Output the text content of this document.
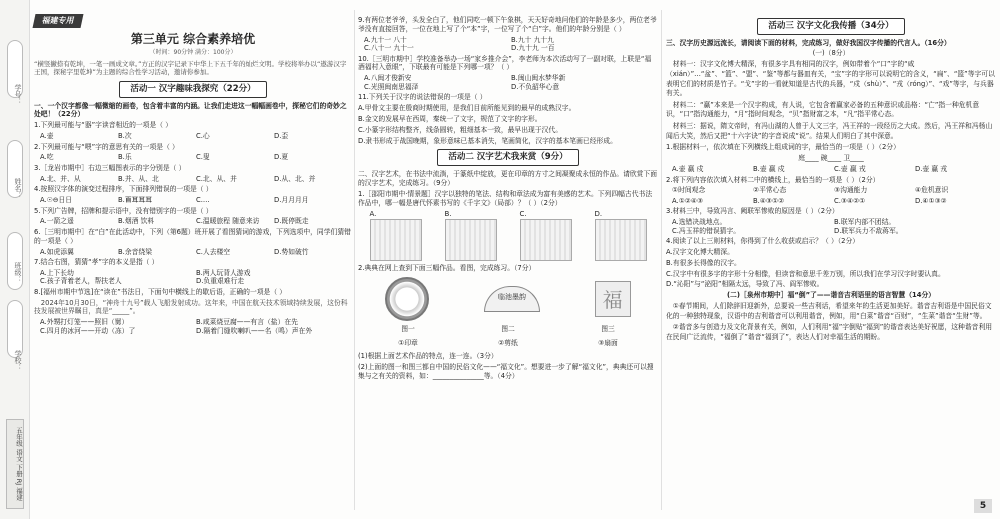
学号：
姓名：
班级：
学校：
五年级 语文 下册 RJ 福建
福建专用
第三单元 综合素养培优
（时间：90分钟 满分：100分）
“横竖撇捺有乾坤，一笔一画成文章。”方正的汉字记录下中华上下五千年的灿烂文明。学校将举办以“遨游汉字王国，探秘字里乾坤”为主题的综合性学习活动，邀请你参加。
活动一 汉字趣味我探究（22分）
一、一个汉字都像一幅微缩的画卷，包含着丰富的内涵。让我们走进这一幅幅画卷中，探秘它们的奇妙之处吧！（22分）
1.下列最可能与“器”字读音相近的一项是（ ）
A.壶	B.次	C.心	D.歪
2.下列最可能与“喂”字的意思有关的一项是（ ）
A.吃	B.乐	C.叟	D.夏
3.［龙岩市期中］右边三幅图表示的字分别是（ ）
A.北、并、从	B.并、从、北	C.北、从、并	D.从、北、并
4.按照汉字体的演变过程排序，下面排列错误的一项是（ ）
A.☉⊖日日	B.𦣻耳耳耳	C.…	D.月月月月
5.下列广告牌，招牌和提示语中，没有错别字的一项是（ ）
A.一箭之遥	B.烟酒 饮料	C.温暖旅程 随意来访	D.既停既走
6.［三明市期中］在“白”在此活动中，下列（第6题）班开展了看图猜词的游戏，下列选项中，同学们猜错的一项是（ ）
A.如虎添翼	B.余音绕梁	C.人去楼空	D.势如破竹
7.结合右图，猜猜“孝”字的本义是指（ ）
A.上下长幼	B.两人玩背人游戏
C.孩子背着老人，帮扶老人	D.负重艰难行走
8.[福州市期中节选]在“读在”书法日，下面句中横线上的歇后语，正确的一项是（ ）
2024年10月30日，“神舟十九号”载人飞船发射成功。这年来，中国在航天技术领域持续发展，这份科技发展被世界瞩目，真是“_____”。
A.外甥打灯笼——照旧（舅）	B.咸菜烧豆腐——有言（盐）在先
C.四月的冰河——开动（冻）了	D.隔着门缝吹喇叭——名（鸣）声在外
9.有两位老爷爷，头发全白了，他们同吃一顿下午象棋，天天好奇地问他们的年龄是多少，两位老爷爷没有直接回答，一位在地上写了个“本”字，一位写了个“白”字。他们的年龄分别是（ ）
A.九十一 八十	B.九十 九十九
C.八十一 九十一	D.九十九 一百
10.［三明市期中］学校准备举办一场“家乡推介会”，李老师为本次活动写了一副对联，上联是“福酒福村入意眼”，下联最有可能是下列哪一项？（ ）
A.八闽才俊新安	B.闽山闽水梦华新
C.光照闽南思福泽	D.不负韶华心意
11.下列关于汉字的说法错误的一项是（ ）
A.甲骨文主要在殷商时期使用，是我们目前所能见到的最早的成熟汉字。
B.金文的发展早在西周，秦统一了文字，规范了文字的字形。
C.小篆字形结构整齐，线条圆转，粗细基本一致，最早出现于汉代。
D.隶书形成于战国晚期，象形意味已基本消失，笔画简化，汉字的基本笔画已经形成。
活动二 汉字艺术我来赏（9分）
二、汉字艺术，在书法中流淌，于篆纸中绽放，更在印章的方寸之间凝聚成永恒的作品。请欣赏下面的汉字艺术，完成练习。（9分）
1.［邵阳市期中·情景题］汉字以独特的笔法、结构和章法成为富有美感的艺术。下列四幅古代书法作品中，哪一幅是唐代怀素书写的《千字文》（局部）？（ ）（2分）
A.	B.	C.	D.
2.典典在网上查到下面三幅作品。看图，完成练习。（7分）
临池墨韵	福
图一	图二	图三
①印章	②剪纸	③扇面
(1)根据上面艺术作品的特点，连一连。（3分）
(2)上面的图一和图三都自中国的民俗文化——“福文化”。想要进一步了解“福文化”，典典还可以搜集与之有关的资料，如：_______________等。（4分）
活动三 汉字文化我传播（34分）
三、汉字历史源远流长，请阅读下面的材料，完成练习，做好我国汉字传播的代言人。（16分）
(一)（8分）
材料一：汉字文化博大精深，有很多字具有相同的汉字，例如带着个“口”字的“咸（xián）”…“盆”、“篮”、“盟”、“鉴”等都与器皿有关，“宝”字的字形可以说明它的含义，“扁”、“篮”等字可以表明它们的材质是竹子。“戈”字的一看就知道是古代的兵器，“戍（shù）”、“戎（róng）”、“戏”等字，与兵器有关。
材料二：“赢”本来是一个汉字构成，有人说，它包含着赢家必备的五种意识或品格：“亡”指一种危机意识，“口”指沟通能力，“月”指时间观念，“贝”指财富之本，“凡”指平常心态。
材料三：据说，隋文帝时，有冯山湖的人曾于人文三字，冯王祥的一段经历之大成。然后，冯王祥和冯杨山闻后大笑，然后又把“十六字诀”的字音说成“说”。结果人们明白了其中深意。
1.根据材料一，依次填在下列横线上组成词的字，最恰当的一项是（ ）（2分）
庭____ 碗____ 卫____
A.壶 赢 戍	B.壶 赢 戍	C.壶 赢 戎	D.壶 赢 戎
2.将下列内容依次填入材料二中的横线上，最恰当的一项是（ ）（2分）
①时间观念	②平常心态	③沟通能力	④危机意识
A.①②④③	B.④③①②	C.③④②①	D.④①③②
3.材料三中，导致冯言、阙联军惨败的原因是（ ）（2分）
A.选错决战地点。	B.联军内部不团结。
C.冯玉祥的错误猜字。	D.联军兵力不敌蒋军。
4.阅读了以上三则材料，你得到了什么收获或启示？（ ）（2分）
A.汉字文化博大精深。
B.有很多长得像的汉字。
C.汉字中有很多字的字形十分相像，但读音和意思千差万别，所以我们在学习汉字时要认真。
D.“沁阳”与“泌阳”相隔太远，导致了冯、阎军惨败。
(二)［泉州市期中］福“倒”了——谐音吉利语里的语言智慧（14分）
①春节期间，人们除辞旧迎新外，总要说一些吉利话，希望来年的生活更加美好。谐音吉利语是中国民俗文化的一种独特现象，汉语中的吉利谐音可以利用谐音，例如，用“白菜”谐音“百财”，“生菜”谐音“生财”等。
②谐音多与创造力及文化背景有关，例如，人们利用“福”字倒贴“福到”的谐音表达美好祝愿，这种谐音利用在民间广泛流传，“福倒了”谐音“福到了”，表达人们对幸福生活的期盼。
5
